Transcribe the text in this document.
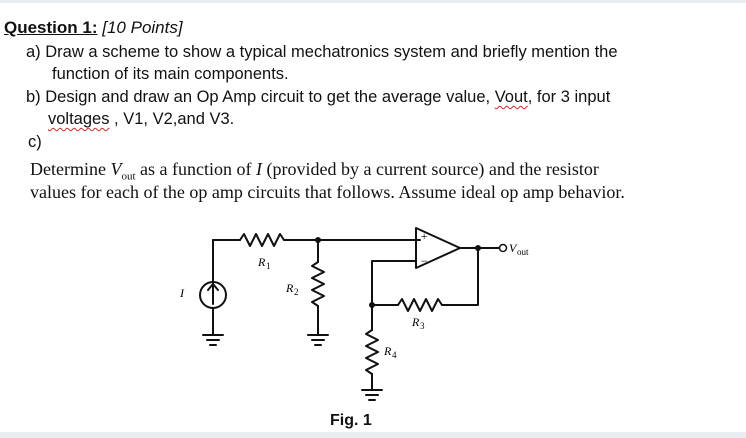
Question 1: [10 Points]
a) Draw a scheme to show a typical mechatronics system and briefly mention the
function of its main components.
b) Design and draw an Op Amp circuit to get the average value, Vout, for 3 input
voltages , V1, V2,and V3.
c)
Determine $V_{out}$ as a function of I (provided by a current source) and the resistor
values for each of the op amp circuits that follows. Assume ideal op amp behavior.
+
−
R 1
R 2
R 3
R 4
I
V out
Fig. 1
